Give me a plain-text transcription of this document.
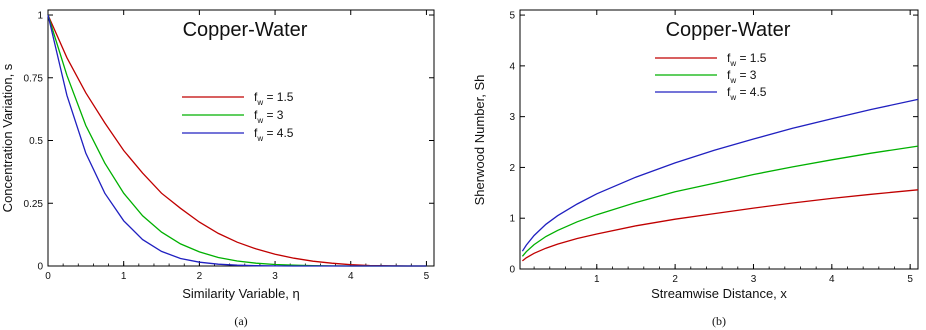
0	1	2	3	4	5
0
0.25
0.5
0.75
1
Copper-Water
$f_w = 1.5$
$f_w = 3$
$f_w = 4.5$
Similarity Variable, η
Concentration Variation, s
(a)
1	2	3	4	5
0
1
2
3
4
5
Copper-Water
$f_w = 1.5$
$f_w = 3$
$f_w = 4.5$
Streamwise Distance, x
Sherwood Number, Sh
(b)
